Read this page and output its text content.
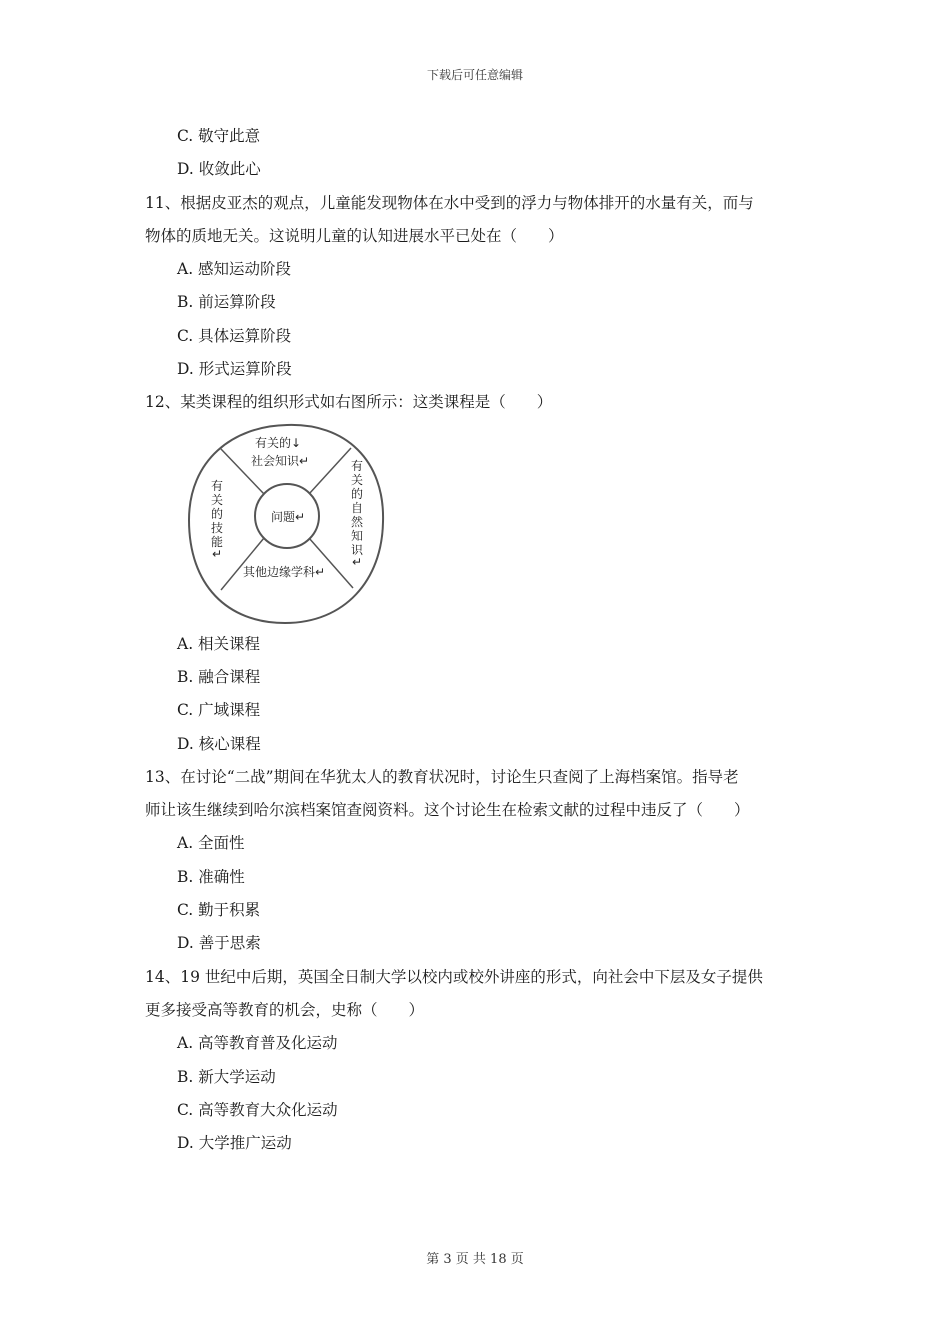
下载后可任意编辑
C. 敬守此意
D. 收敛此心
11、根据皮亚杰的观点，儿童能发现物体在水中受到的浮力与物体排开的水量有关，而与
物体的质地无关。这说明儿童的认知进展水平已处在（　　）
A. 感知运动阶段
B. 前运算阶段
C. 具体运算阶段
D. 形式运算阶段
12、某类课程的组织形式如右图所示：这类课程是（　　）
问题↵
有关的↓
社会知识↵
其他边缘学科↵
有
关
的
技
能
↵
有
关
的
自
然
知
识
↵
A. 相关课程
B. 融合课程
C. 广域课程
D. 核心课程
13、在讨论“二战”期间在华犹太人的教育状况时，讨论生只查阅了上海档案馆。指导老
师让该生继续到哈尔滨档案馆查阅资料。这个讨论生在检索文献的过程中违反了（　　）
A. 全面性
B. 准确性
C. 勤于积累
D. 善于思索
14、19 世纪中后期，英国全日制大学以校内或校外讲座的形式，向社会中下层及女子提供
更多接受高等教育的机会，史称（　　）
A. 高等教育普及化运动
B. 新大学运动
C. 高等教育大众化运动
D. 大学推广运动
第 3 页 共 18 页
